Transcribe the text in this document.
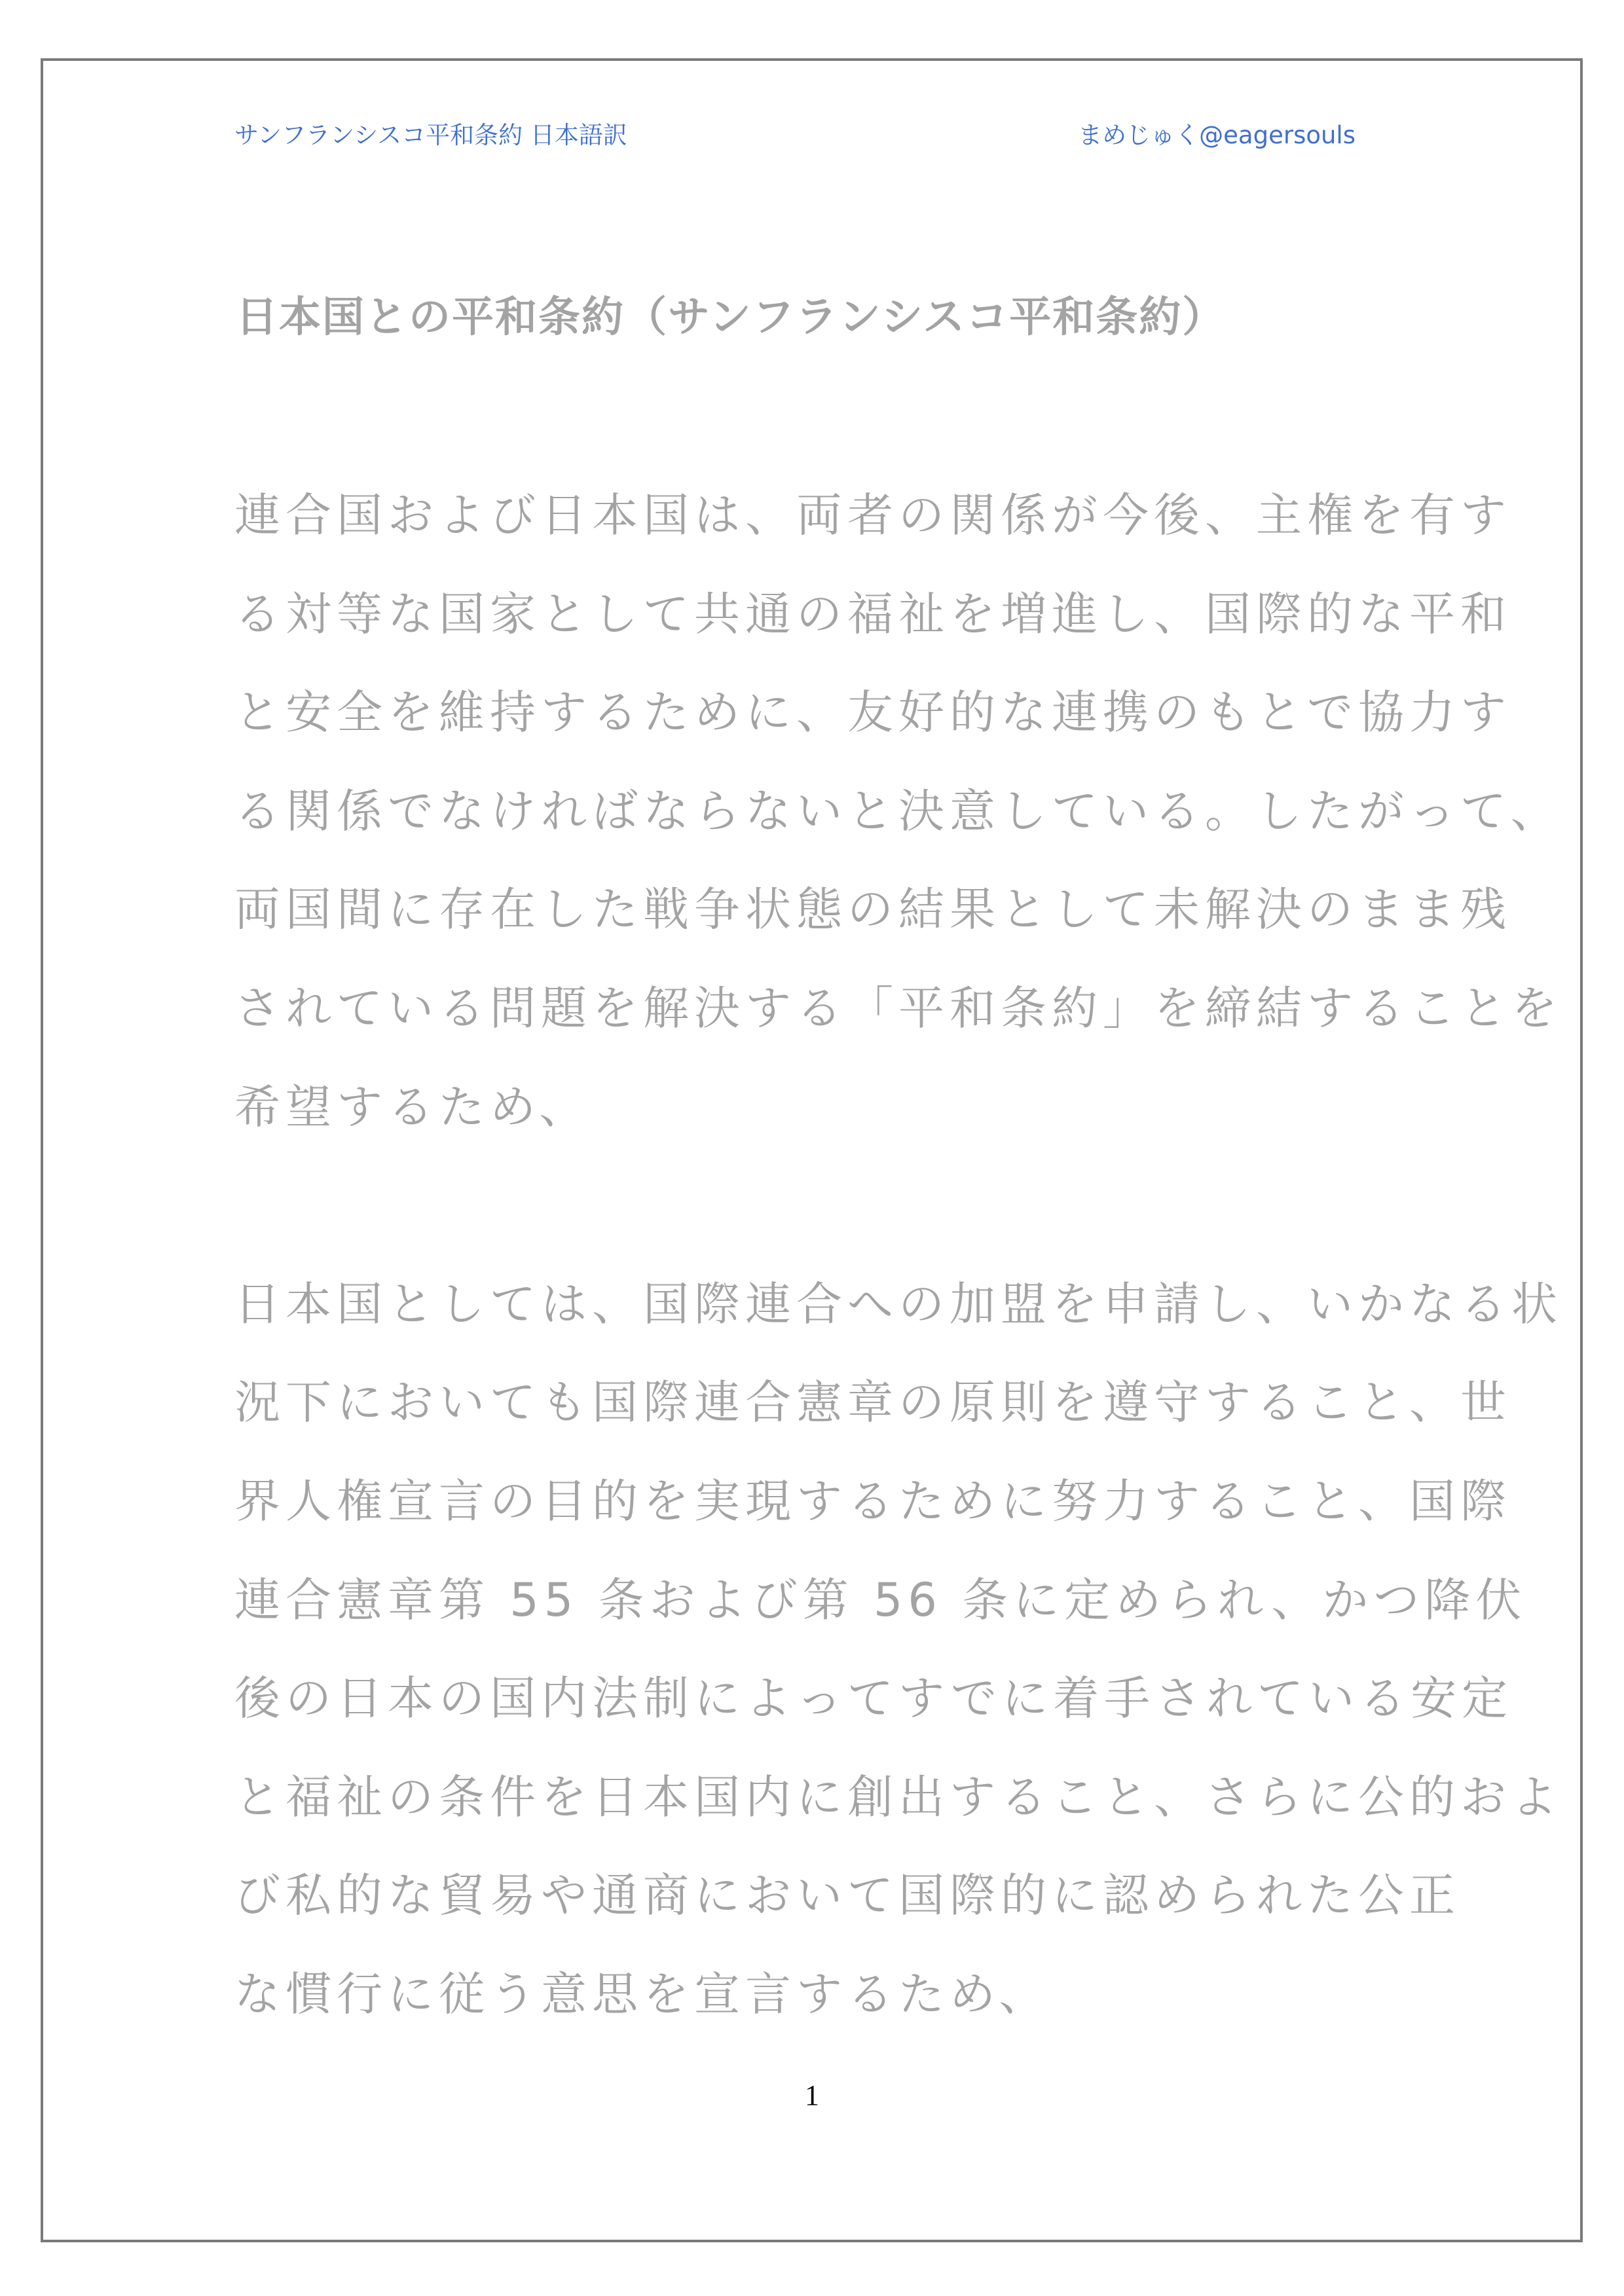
サンフランシスコ平和条約 日本語訳	まめじゅく@eagersouls
日本国との平和条約（サンフランシスコ平和条約）
連合国および日本国は、両者の関係が今後、主権を有す
る対等な国家として共通の福祉を増進し、国際的な平和
と安全を維持するために、友好的な連携のもとで協力す
る関係でなければならないと決意している。したがって、
両国間に存在した戦争状態の結果として未解決のまま残
されている問題を解決する「平和条約」を締結することを
希望するため、
日本国としては、国際連合への加盟を申請し、いかなる状
況下においても国際連合憲章の原則を遵守すること、世
界人権宣言の目的を実現するために努力すること、国際
連合憲章第 55 条および第 56 条に定められ、かつ降伏
後の日本の国内法制によってすでに着手されている安定
と福祉の条件を日本国内に創出すること、さらに公的およ
び私的な貿易や通商において国際的に認められた公正
な慣行に従う意思を宣言するため、
1
